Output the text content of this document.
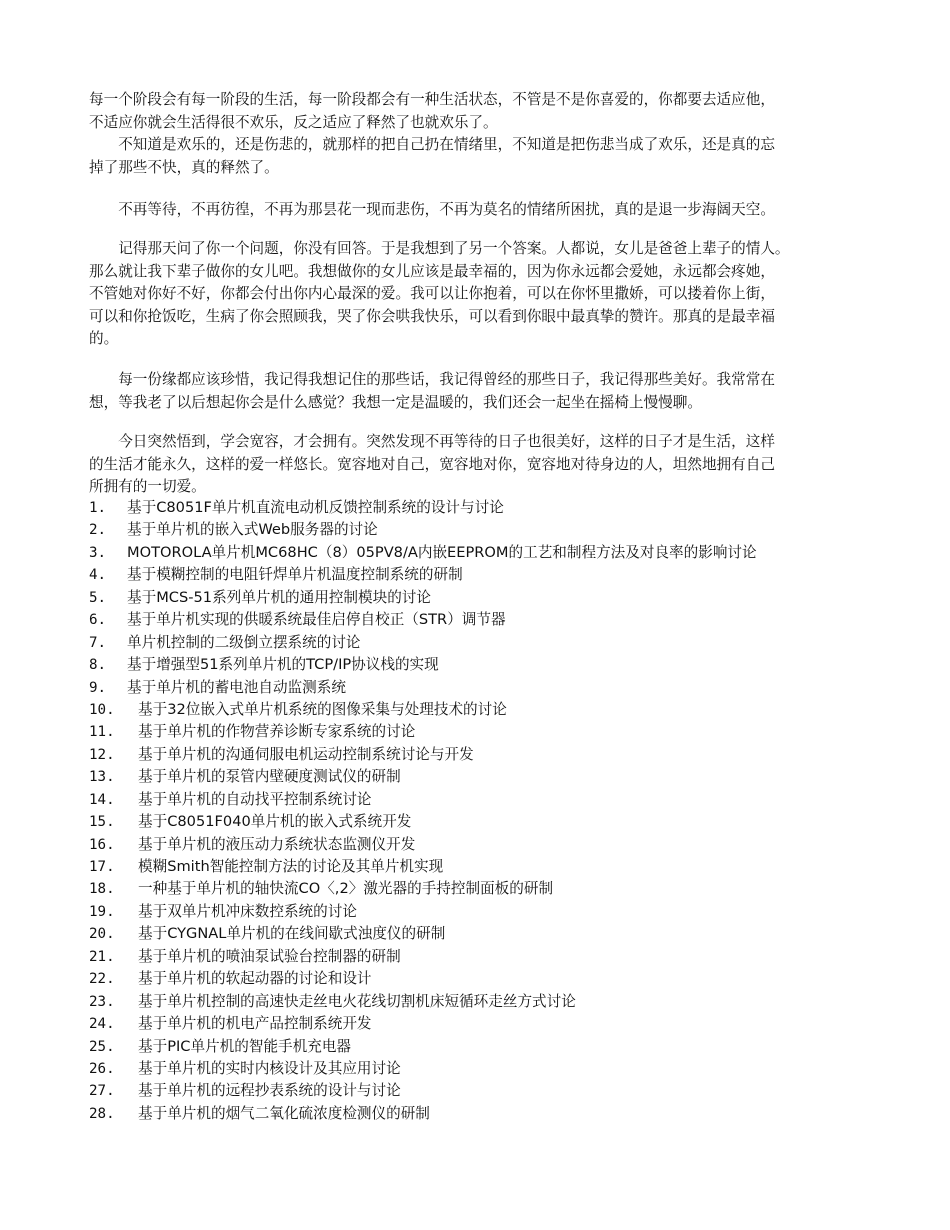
每一个阶段会有每一阶段的生活，每一阶段都会有一种生活状态，不管是不是你喜爱的，你都要去适应他，
不适应你就会生活得很不欢乐，反之适应了释然了也就欢乐了。

　　不知道是欢乐的，还是伤悲的，就那样的把自己扔在情绪里，不知道是把伤悲当成了欢乐，还是真的忘
掉了那些不快，真的释然了。

　　不再等待，不再彷徨，不再为那昙花一现而悲伤，不再为莫名的情绪所困扰，真的是退一步海阔天空。

　　记得那天问了你一个问题，你没有回答。于是我想到了另一个答案。人都说，女儿是爸爸上辈子的情人。
那么就让我下辈子做你的女儿吧。我想做你的女儿应该是最幸福的，因为你永远都会爱她，永远都会疼她，
不管她对你好不好，你都会付出你内心最深的爱。我可以让你抱着，可以在你怀里撒娇，可以搂着你上街，
可以和你抢饭吃，生病了你会照顾我，哭了你会哄我快乐，可以看到你眼中最真挚的赞许。那真的是最幸福
的。

　　每一份缘都应该珍惜，我记得我想记住的那些话，我记得曾经的那些日子，我记得那些美好。我常常在
想，等我老了以后想起你会是什么感觉？我想一定是温暖的，我们还会一起坐在摇椅上慢慢聊。

　　今日突然悟到，学会宽容，才会拥有。突然发现不再等待的日子也很美好，这样的日子才是生活，这样
的生活才能永久，这样的爱一样悠长。宽容地对自己，宽容地对你，宽容地对待身边的人，坦然地拥有自己
所拥有的一切爱。

1.	基于C8051F单片机直流电动机反馈控制系统的设计与讨论
2.	基于单片机的嵌入式Web服务器的讨论
3.	MOTOROLA单片机MC68HC（8）05PV8/A内嵌EEPROM的工艺和制程方法及对良率的影响讨论
4.	基于模糊控制的电阻钎焊单片机温度控制系统的研制
5.	基于MCS-51系列单片机的通用控制模块的讨论
6.	基于单片机实现的供暖系统最佳启停自校正（STR）调节器
7.	单片机控制的二级倒立摆系统的讨论
8.	基于增强型51系列单片机的TCP/IP协议栈的实现
9.	基于单片机的蓄电池自动监测系统
10.	基于32位嵌入式单片机系统的图像采集与处理技术的讨论
11.	基于单片机的作物营养诊断专家系统的讨论
12.	基于单片机的沟通伺服电机运动控制系统讨论与开发
13.	基于单片机的泵管内壁硬度测试仪的研制
14.	基于单片机的自动找平控制系统讨论
15.	基于C8051F040单片机的嵌入式系统开发
16.	基于单片机的液压动力系统状态监测仪开发
17.	模糊Smith智能控制方法的讨论及其单片机实现
18.	一种基于单片机的轴快流CO〈,2〉激光器的手持控制面板的研制
19.	基于双单片机冲床数控系统的讨论
20.	基于CYGNAL单片机的在线间歇式浊度仪的研制
21.	基于单片机的喷油泵试验台控制器的研制
22.	基于单片机的软起动器的讨论和设计
23.	基于单片机控制的高速快走丝电火花线切割机床短循环走丝方式讨论
24.	基于单片机的机电产品控制系统开发
25.	基于PIC单片机的智能手机充电器
26.	基于单片机的实时内核设计及其应用讨论
27.	基于单片机的远程抄表系统的设计与讨论
28.	基于单片机的烟气二氧化硫浓度检测仪的研制
